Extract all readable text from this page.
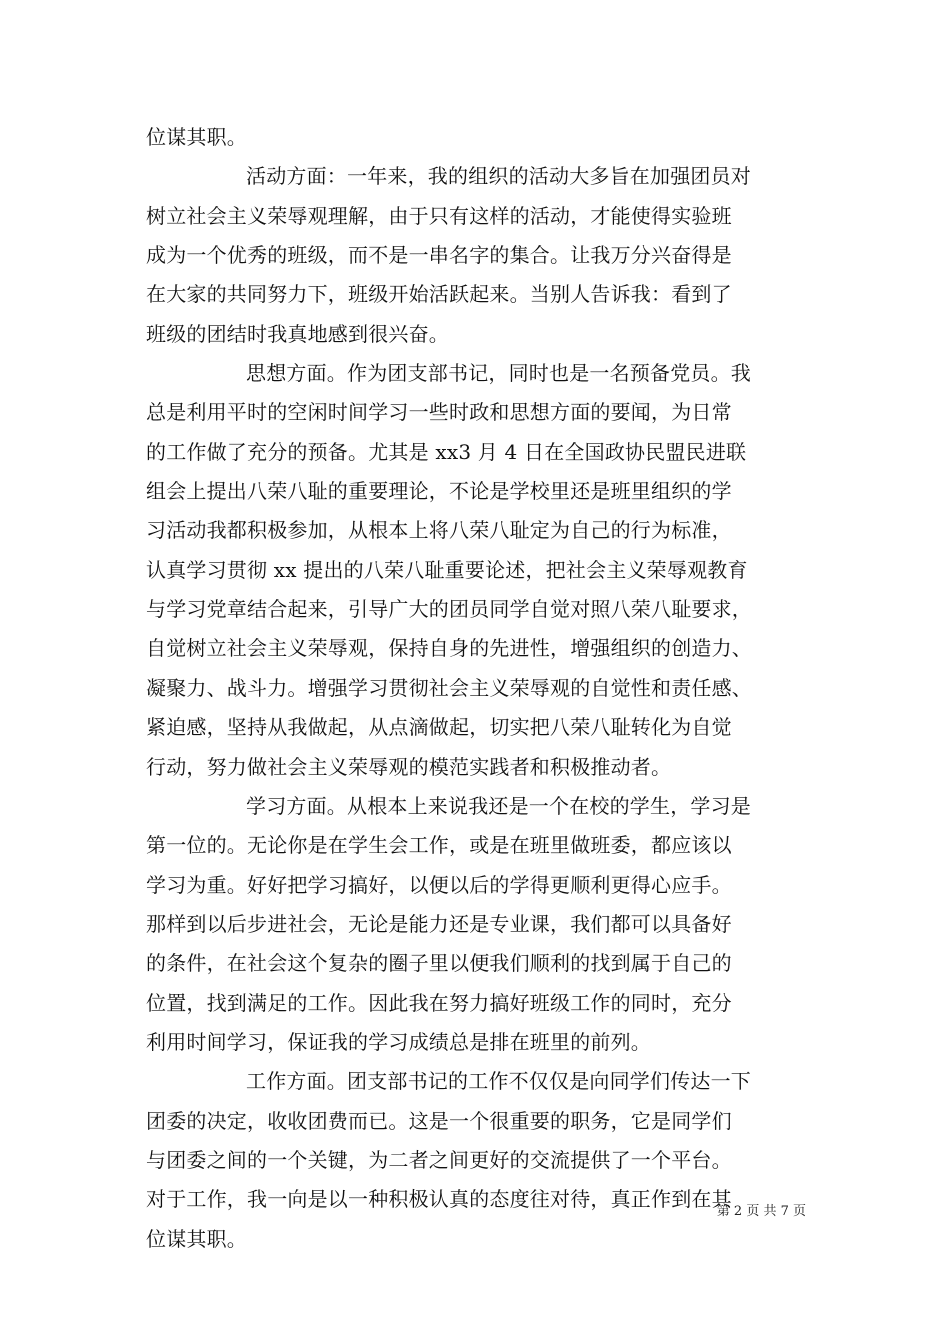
位谋其职。
活动方面：一年来，我的组织的活动大多旨在加强团员对
树立社会主义荣辱观理解，由于只有这样的活动，才能使得实验班
成为一个优秀的班级，而不是一串名字的集合。让我万分兴奋得是
在大家的共同努力下，班级开始活跃起来。当别人告诉我：看到了
班级的团结时我真地感到很兴奋。
思想方面。作为团支部书记，同时也是一名预备党员。我
总是利用平时的空闲时间学习一些时政和思想方面的要闻，为日常
的工作做了充分的预备。尤其是 xx3 月 4 日在全国政协民盟民进联
组会上提出八荣八耻的重要理论，不论是学校里还是班里组织的学
习活动我都积极参加，从根本上将八荣八耻定为自己的行为标准，
认真学习贯彻 xx 提出的八荣八耻重要论述，把社会主义荣辱观教育
与学习党章结合起来，引导广大的团员同学自觉对照八荣八耻要求，
自觉树立社会主义荣辱观，保持自身的先进性，增强组织的创造力、
凝聚力、战斗力。增强学习贯彻社会主义荣辱观的自觉性和责任感、
紧迫感，坚持从我做起，从点滴做起，切实把八荣八耻转化为自觉
行动，努力做社会主义荣辱观的模范实践者和积极推动者。
学习方面。从根本上来说我还是一个在校的学生，学习是
第一位的。无论你是在学生会工作，或是在班里做班委，都应该以
学习为重。好好把学习搞好，以便以后的学得更顺利更得心应手。
那样到以后步进社会，无论是能力还是专业课，我们都可以具备好
的条件，在社会这个复杂的圈子里以便我们顺利的找到属于自己的
位置，找到满足的工作。因此我在努力搞好班级工作的同时，充分
利用时间学习，保证我的学习成绩总是排在班里的前列。
工作方面。团支部书记的工作不仅仅是向同学们传达一下
团委的决定，收收团费而已。这是一个很重要的职务，它是同学们
与团委之间的一个关键，为二者之间更好的交流提供了一个平台。
对于工作，我一向是以一种积极认真的态度往对待，真正作到在其
位谋其职。
第 2 页 共 7 页
